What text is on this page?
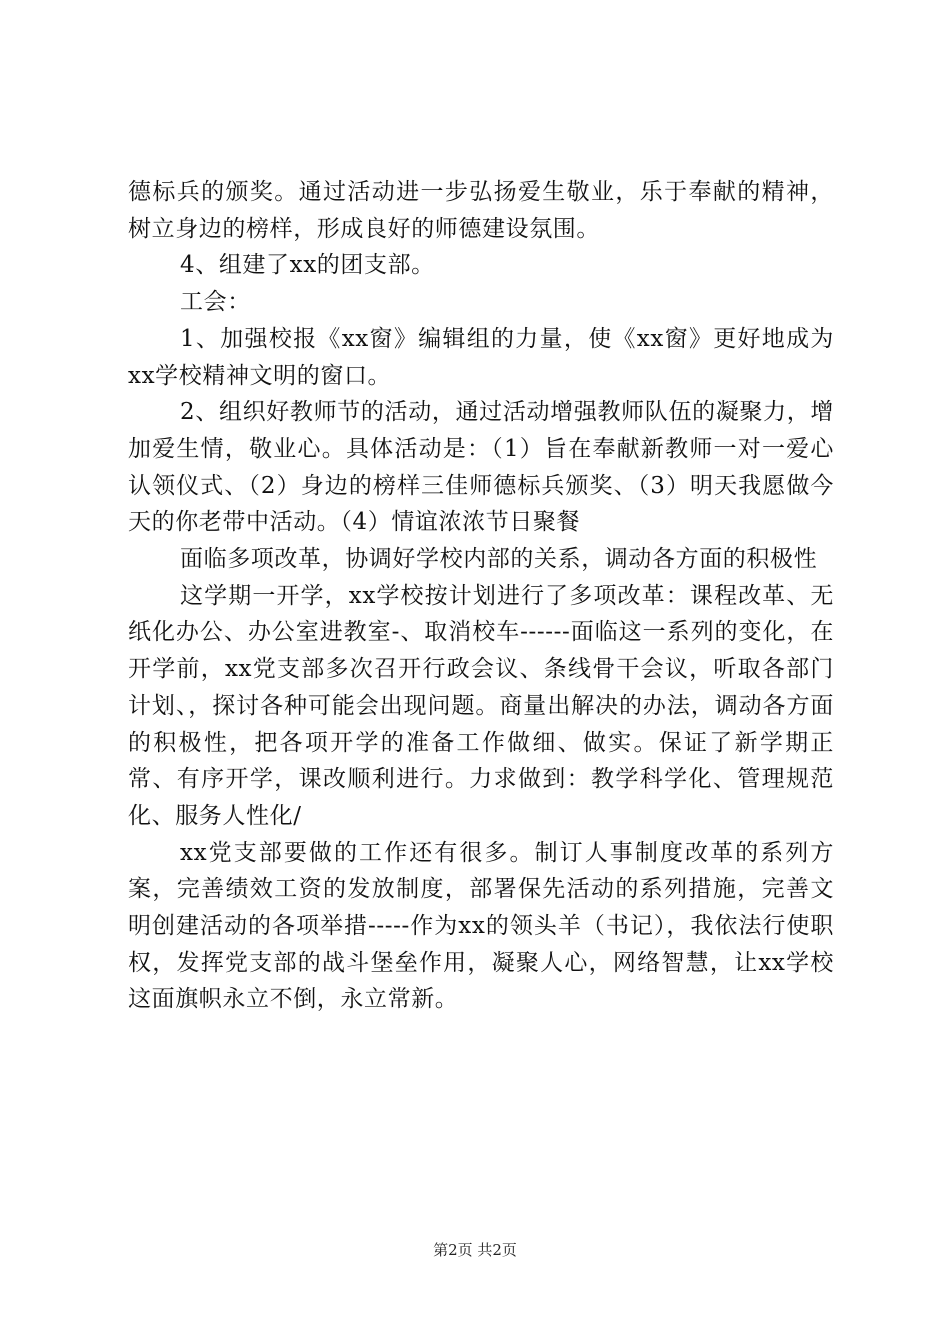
德标兵的颁奖。通过活动进一步弘扬爱生敬业，乐于奉献的精神，树立身边的榜样，形成良好的师德建设氛围。

4、组建了xx的团支部。

工会：

1、加强校报《xx窗》编辑组的力量，使《xx窗》更好地成为xx学校精神文明的窗口。

2、组织好教师节的活动，通过活动增强教师队伍的凝聚力，增加爱生情，敬业心。具体活动是：（1）旨在奉献新教师一对一爱心认领仪式、（2）身边的榜样三佳师德标兵颁奖、（3）明天我愿做今天的你老带中活动。（4）情谊浓浓节日聚餐

面临多项改革，协调好学校内部的关系，调动各方面的积极性

这学期一开学，xx学校按计划进行了多项改革：课程改革、无纸化办公、办公室进教室-、取消校车------面临这一系列的变化，在开学前，xx党支部多次召开行政会议、条线骨干会议，听取各部门计划、，探讨各种可能会出现问题。商量出解决的办法，调动各方面的积极性，把各项开学的准备工作做细、做实。保证了新学期正常、有序开学，课改顺利进行。力求做到：教学科学化、管理规范化、服务人性化/

xx党支部要做的工作还有很多。制订人事制度改革的系列方案，完善绩效工资的发放制度，部署保先活动的系列措施，完善文明创建活动的各项举措-----作为xx的领头羊（书记），我依法行使职权，发挥党支部的战斗堡垒作用，凝聚人心，网络智慧，让xx学校这面旗帜永立不倒，永立常新。

第2页 共2页
